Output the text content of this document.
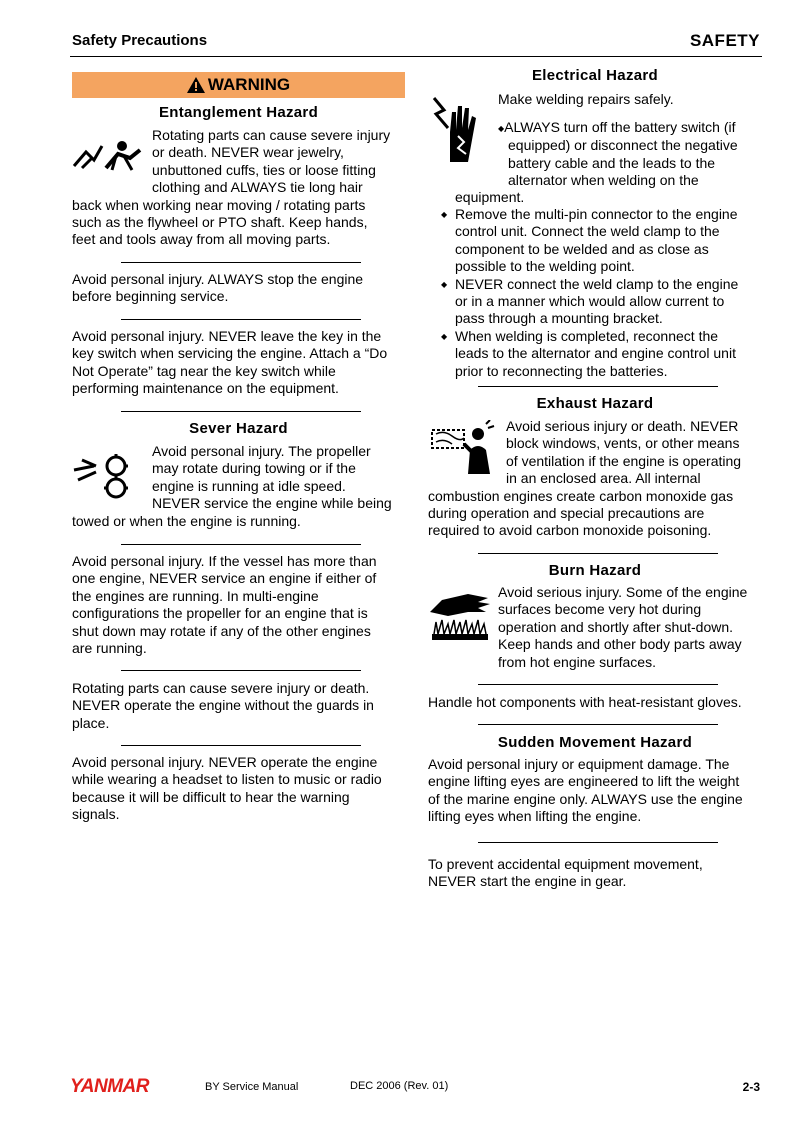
Safety Precautions	SAFETY
WARNING
Entanglement Hazard

Rotating parts can cause severe injury

or death. NEVER wear jewelry,

unbuttoned cuffs, ties or loose fitting

clothing and ALWAYS tie long hair

back when working near moving / rotating parts

such as the flywheel or PTO shaft. Keep hands,

feet and tools away from all moving parts.

Avoid personal injury. ALWAYS stop the engine

before beginning service.

Avoid personal injury. NEVER leave the key in the

key switch when servicing the engine. Attach a “Do

Not Operate” tag near the key switch while

performing maintenance on the equipment.

Sever Hazard

Avoid personal injury. The propeller

may rotate during towing or if the

engine is running at idle speed.

NEVER service the engine while being

towed or when the engine is running.

Avoid personal injury. If the vessel has more than

one engine, NEVER service an engine if either of

the engines are running. In multi-engine

configurations the propeller for an engine that is

shut down may rotate if any of the other engines

are running.

Rotating parts can cause severe injury or death.

NEVER operate the engine without the guards in

place.

Avoid personal injury. NEVER operate the engine

while wearing a headset to listen to music or radio

because it will be difficult to hear the warning

signals.

Electrical Hazard
Make welding repairs safely.

◆ALWAYS turn off the battery switch (if

equipped) or disconnect the negative

battery cable and the leads to the

alternator when welding on the

equipment.

◆ Remove the multi-pin connector to the engine

control unit. Connect the weld clamp to the

component to be welded and as close as

possible to the welding point.

◆ NEVER connect the weld clamp to the engine

or in a manner which would allow current to

pass through a mounting bracket.

◆ When welding is completed, reconnect the

leads to the alternator and engine control unit

prior to reconnecting the batteries.

Exhaust Hazard

Avoid serious injury or death. NEVER

block windows, vents, or other means

of ventilation if the engine is operating

in an enclosed area. All internal

combustion engines create carbon monoxide gas

during operation and special precautions are

required to avoid carbon monoxide poisoning.

Burn Hazard

Avoid serious injury. Some of the engine

surfaces become very hot during

operation and shortly after shut-down.

Keep hands and other body parts away

from hot engine surfaces.

Handle hot components with heat-resistant gloves.
Sudden Movement Hazard

Avoid personal injury or equipment damage. The

engine lifting eyes are engineered to lift the weight

of the marine engine only. ALWAYS use the engine

lifting eyes when lifting the engine.

To prevent accidental equipment movement,

NEVER start the engine in gear.

YANMAR	BY Service Manual	DEC 2006 (Rev. 01)	2-3
